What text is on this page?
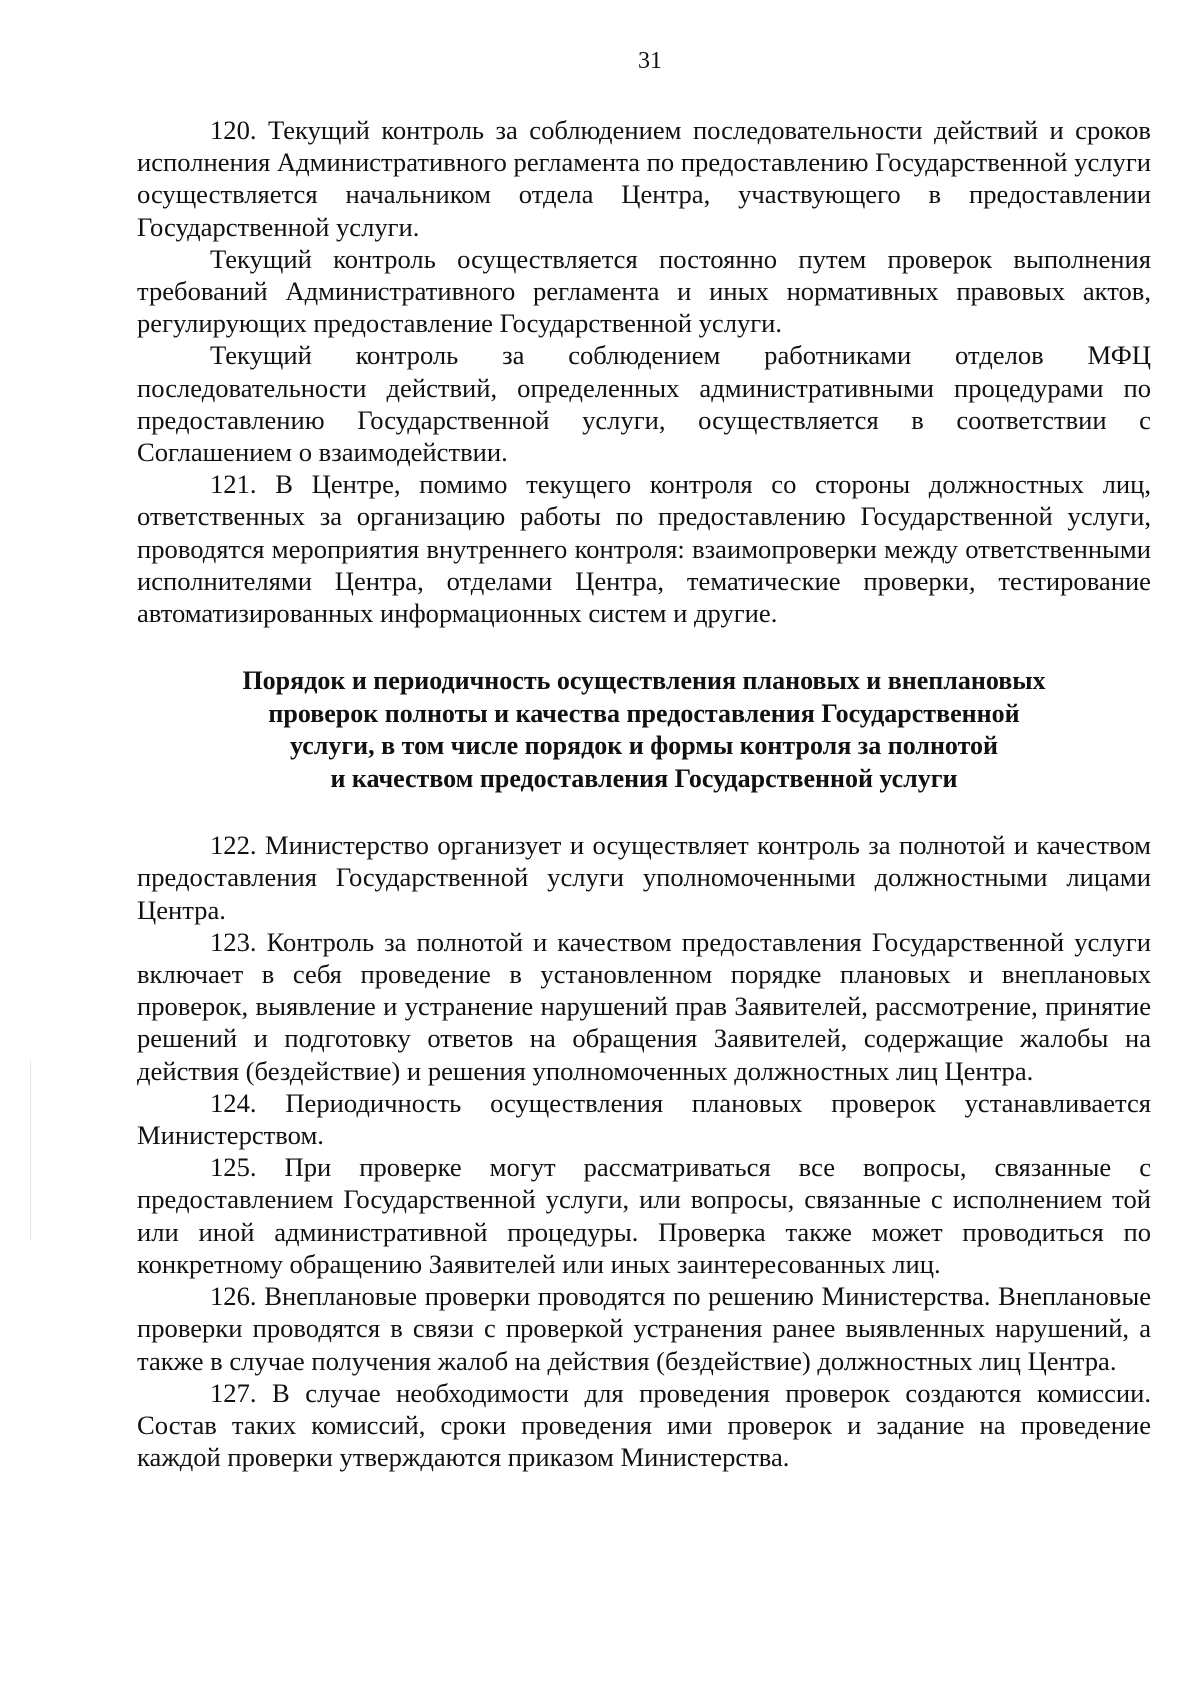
31

120. Текущий контроль за соблюдением последовательности действий и сроков исполнения Административного регламента по предоставлению Государственной услуги осуществляется начальником отдела Центра, участвующего в предоставлении Государственной услуги.

Текущий контроль осуществляется постоянно путем проверок выполнения требований Административного регламента и иных нормативных правовых актов, регулирующих предоставление Государственной услуги.

Текущий контроль за соблюдением работниками отделов МФЦ последовательности действий, определенных административными процедурами по предоставлению Государственной услуги, осуществляется в соответствии с Соглашением о взаимодействии.

121. В Центре, помимо текущего контроля со стороны должностных лиц, ответственных за организацию работы по предоставлению Государственной услуги, проводятся мероприятия внутреннего контроля: взаимопроверки между ответственными исполнителями Центра, отделами Центра, тематические проверки, тестирование автоматизированных информационных систем и другие.

Порядок и периодичность осуществления плановых и внеплановых
проверок полноты и качества предоставления Государственной
услуги, в том числе порядок и формы контроля за полнотой
и качеством предоставления Государственной услуги

122. Министерство организует и осуществляет контроль за полнотой и качеством предоставления Государственной услуги уполномоченными должностными лицами Центра.

123. Контроль за полнотой и качеством предоставления Государственной услуги включает в себя проведение в установленном порядке плановых и внеплановых проверок, выявление и устранение нарушений прав Заявителей, рассмотрение, принятие решений и подготовку ответов на обращения Заявителей, содержащие жалобы на действия (бездействие) и решения уполномоченных должностных лиц Центра.

124. Периодичность осуществления плановых проверок устанавливается Министерством.

125. При проверке могут рассматриваться все вопросы, связанные с предоставлением Государственной услуги, или вопросы, связанные с исполнением той или иной административной процедуры. Проверка также может проводиться по конкретному обращению Заявителей или иных заинтересованных лиц.

126. Внеплановые проверки проводятся по решению Министерства. Внеплановые проверки проводятся в связи с проверкой устранения ранее выявленных нарушений, а также в случае получения жалоб на действия (бездействие) должностных лиц Центра.

127. В случае необходимости для проведения проверок создаются комиссии. Состав таких комиссий, сроки проведения ими проверок и задание на проведение каждой проверки утверждаются приказом Министерства.
